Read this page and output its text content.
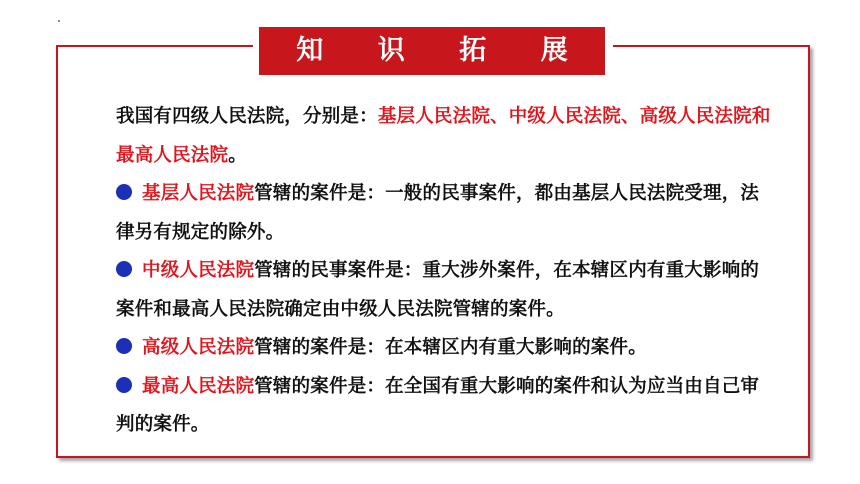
知 识 拓 展

我国有四级人民法院，分别是：基层人民法院、中级人民法院、高级人民法院和最高人民法院。

基层人民法院管辖的案件是：一般的民事案件，都由基层人民法院受理，法律另有规定的除外。

中级人民法院管辖的民事案件是：重大涉外案件，在本辖区内有重大影响的案件和最高人民法院确定由中级人民法院管辖的案件。

高级人民法院管辖的案件是：在本辖区内有重大影响的案件。

最高人民法院管辖的案件是：在全国有重大影响的案件和认为应当由自己审判的案件。
